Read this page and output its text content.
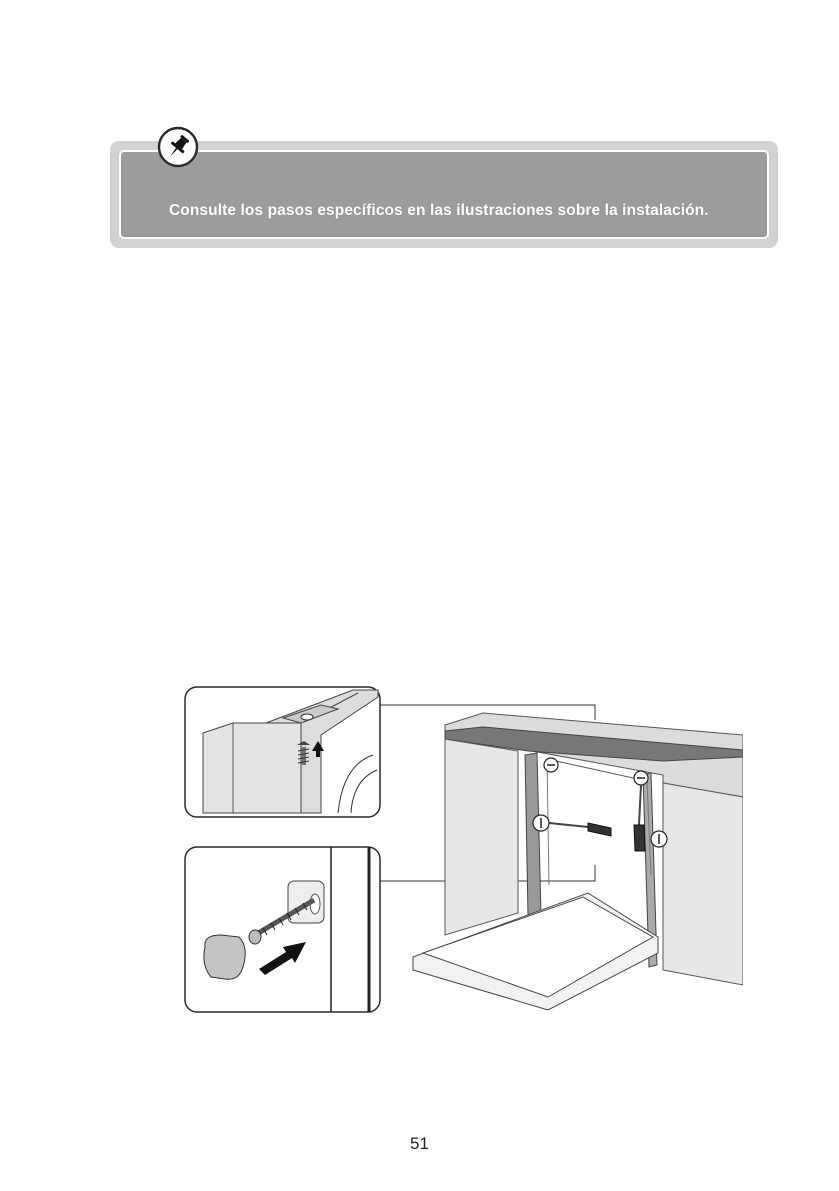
Consulte los pasos específicos en las ilustraciones sobre la instalación.

51
